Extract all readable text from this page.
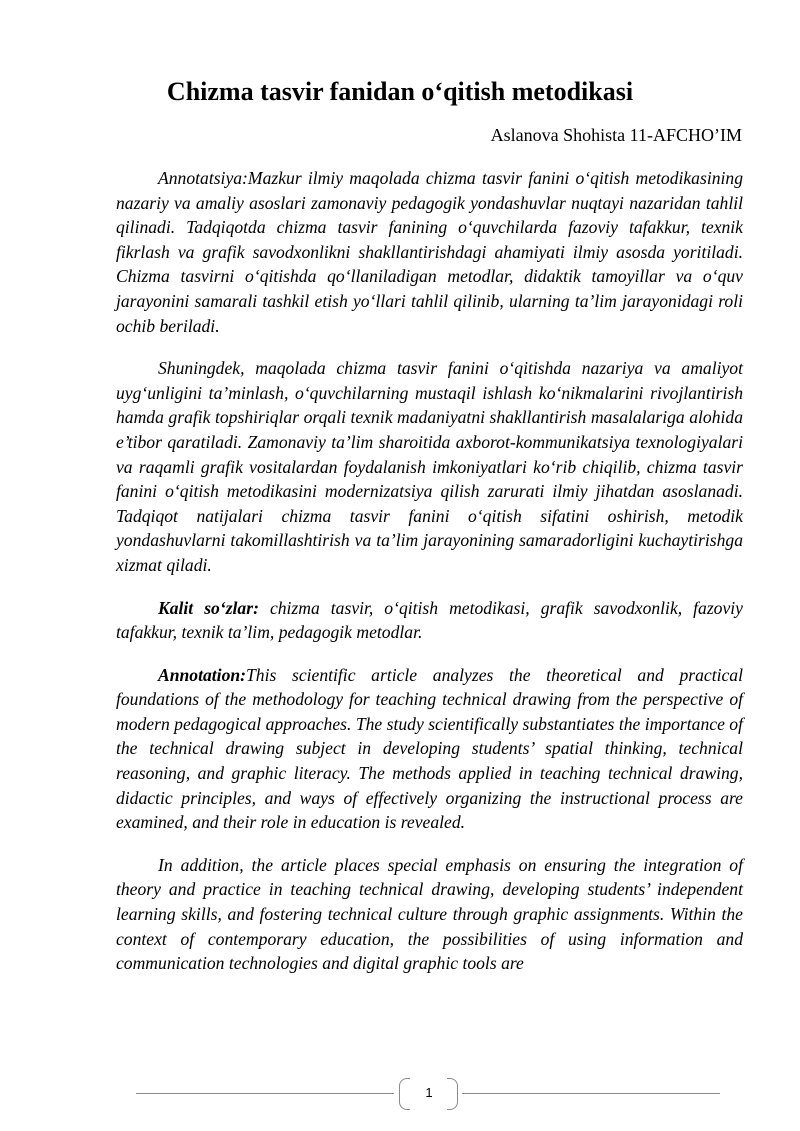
Chizma tasvir fanidan o‘qitish metodikasi
Aslanova Shohista 11-AFCHO’IM

Annotatsiya:Mazkur ilmiy maqolada chizma tasvir fanini o‘qitish metodikasining nazariy va amaliy asoslari zamonaviy pedagogik yondashuvlar nuqtayi nazaridan tahlil qilinadi. Tadqiqotda chizma tasvir fanining o‘quvchilarda fazoviy tafakkur, texnik fikrlash va grafik savodxonlikni shakllantirishdagi ahamiyati ilmiy asosda yoritiladi. Chizma tasvirni o‘qitishda qo‘llaniladigan metodlar, didaktik tamoyillar va o‘quv jarayonini samarali tashkil etish yo‘llari tahlil qilinib, ularning ta’lim jarayonidagi roli ochib beriladi.

Shuningdek, maqolada chizma tasvir fanini o‘qitishda nazariya va amaliyot uyg‘unligini ta’minlash, o‘quvchilarning mustaqil ishlash ko‘nikmalarini rivojlantirish hamda grafik topshiriqlar orqali texnik madaniyatni shakllantirish masalalariga alohida e’tibor qaratiladi. Zamonaviy ta’lim sharoitida axborot-kommunikatsiya texnologiyalari va raqamli grafik vositalardan foydalanish imkoniyatlari ko‘rib chiqilib, chizma tasvir fanini o‘qitish metodikasini modernizatsiya qilish zarurati ilmiy jihatdan asoslanadi. Tadqiqot natijalari chizma tasvir fanini o‘qitish sifatini oshirish, metodik yondashuvlarni takomillashtirish va ta’lim jarayonining samaradorligini kuchaytirishga xizmat qiladi.

Kalit so‘zlar: chizma tasvir, o‘qitish metodikasi, grafik savodxonlik, fazoviy tafakkur, texnik ta’lim, pedagogik metodlar.

Annotation:This scientific article analyzes the theoretical and practical foundations of the methodology for teaching technical drawing from the perspective of modern pedagogical approaches. The study scientifically substantiates the importance of the technical drawing subject in developing students’ spatial thinking, technical reasoning, and graphic literacy. The methods applied in teaching technical drawing, didactic principles, and ways of effectively organizing the instructional process are examined, and their role in education is revealed.

In addition, the article places special emphasis on ensuring the integration of theory and practice in teaching technical drawing, developing students’ independent learning skills, and fostering technical culture through graphic assignments. Within the context of contemporary education, the possibilities of using information and communication technologies and digital graphic tools are

1
